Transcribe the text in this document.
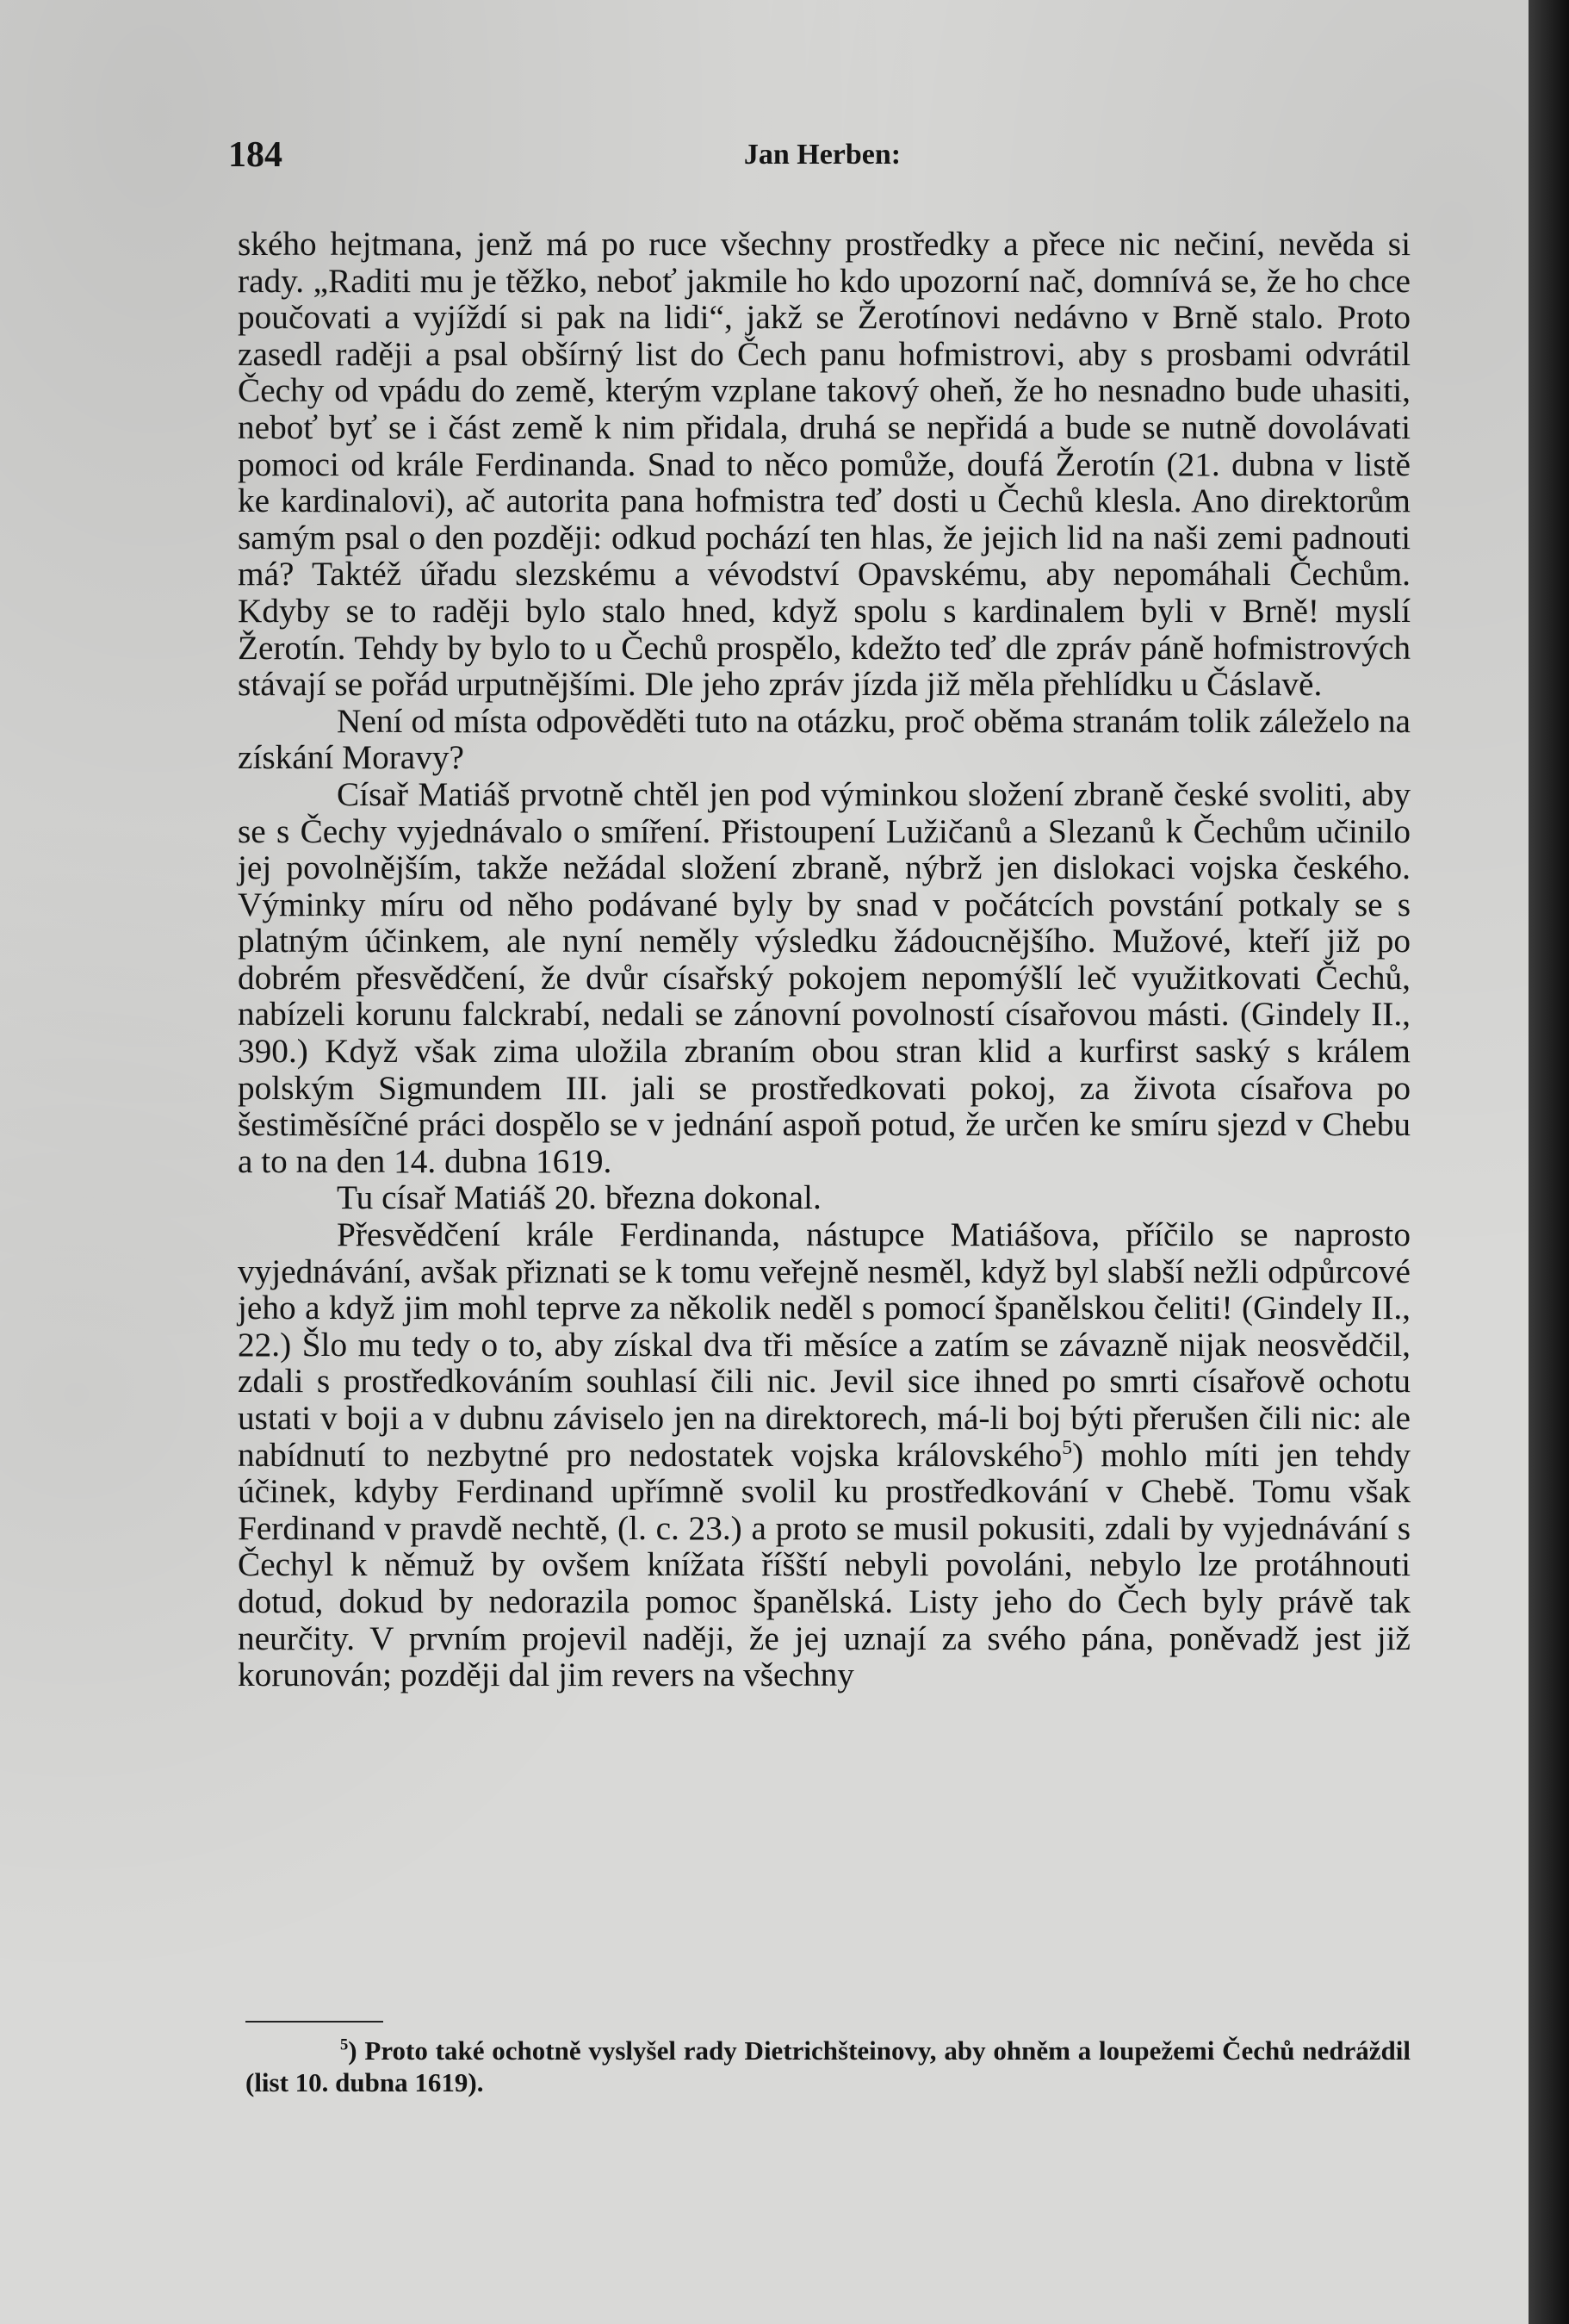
184	Jan Herben:

ského hejtmana, jenž má po ruce všechny prostředky a přece nic nečiní, nevěda si rady. „Raditi mu je těžko, neboť jakmile ho kdo upozorní nač, domnívá se, že ho chce poučovati a vyjíždí si pak na lidi“, jakž se Žerotínovi nedávno v Brně stalo. Proto zasedl raději a psal obšírný list do Čech panu hofmistrovi, aby s prosbami odvrátil Čechy od vpádu do země, kterým vzplane takový oheň, že ho nesnadno bude uhasiti, neboť byť se i část země k nim přidala, druhá se nepřidá a bude se nutně dovolávati pomoci od krále Ferdinanda. Snad to něco pomůže, doufá Žerotín (21. dubna v listě ke kardinalovi), ač autorita pana hofmistra teď dosti u Čechů klesla. Ano direktorům samým psal o den později: odkud pochází ten hlas, že jejich lid na naši zemi padnouti má? Taktéž úřadu slezskému a vévodství Opavskému, aby nepomáhali Čechům. Kdyby se to raději bylo stalo hned, když spolu s kardinalem byli v Brně! myslí Žerotín. Tehdy by bylo to u Čechů prospělo, kdežto teď dle zpráv páně hofmistrových stávají se pořád urputnějšími. Dle jeho zpráv jízda již měla přehlídku u Čáslavě.

Není od místa odpověděti tuto na otázku, proč oběma stranám tolik záleželo na získání Moravy?

Císař Matiáš prvotně chtěl jen pod výminkou složení zbraně české svoliti, aby se s Čechy vyjednávalo o smíření. Přistoupení Lužičanů a Slezanů k Čechům učinilo jej povolnějším, takže nežádal složení zbraně, nýbrž jen dislokaci vojska českého. Výminky míru od něho podávané byly by snad v počátcích povstání potkaly se s platným účinkem, ale nyní neměly výsledku žádoucnějšího. Mužové, kteří již po dobrém přesvědčení, že dvůr císařský pokojem nepomýšlí leč využitkovati Čechů, nabízeli korunu falckrabí, nedali se zánovní povolností císařovou másti. (Gindely II., 390.) Když však zima uložila zbraním obou stran klid a kurfirst saský s králem polským Sigmundem III. jali se prostředkovati pokoj, za života císařova po šestiměsíčné práci dospělo se v jednání aspoň potud, že určen ke smíru sjezd v Chebu a to na den 14. dubna 1619.

Tu císař Matiáš 20. března dokonal.

Přesvědčení krále Ferdinanda, nástupce Matiášova, příčilo se naprosto vyjednávání, avšak přiznati se k tomu veřejně nesměl, když byl slabší nežli odpůrcové jeho a když jim mohl teprve za několik neděl s pomocí španělskou čeliti! (Gindely II., 22.) Šlo mu tedy o to, aby získal dva tři měsíce a zatím se závazně nijak neosvědčil, zdali s prostředkováním souhlasí čili nic. Jevil sice ihned po smrti císařově ochotu ustati v boji a v dubnu záviselo jen na direktorech, má-li boj býti přerušen čili nic: ale nabídnutí to nezbytné pro nedostatek vojska královského$^5$) mohlo míti jen tehdy účinek, kdyby Ferdinand upřímně svolil ku prostředkování v Chebě. Tomu však Ferdinand v pravdě nechtě, (l. c. 23.) a proto se musil pokusiti, zdali by vyjednávání s Čechyl k němuž by ovšem knížata říšští nebyli povoláni, nebylo lze protáhnouti dotud, dokud by nedorazila pomoc španělská. Listy jeho do Čech byly právě tak neurčity. V prvním projevil naději, že jej uznají za svého pána, poněvadž jest již korunován; později dal jim revers na všechny

$^5$) Proto také ochotně vyslyšel rady Dietrichšteinovy, aby ohněm a loupežemi Čechů nedráždil (list 10. dubna 1619).
